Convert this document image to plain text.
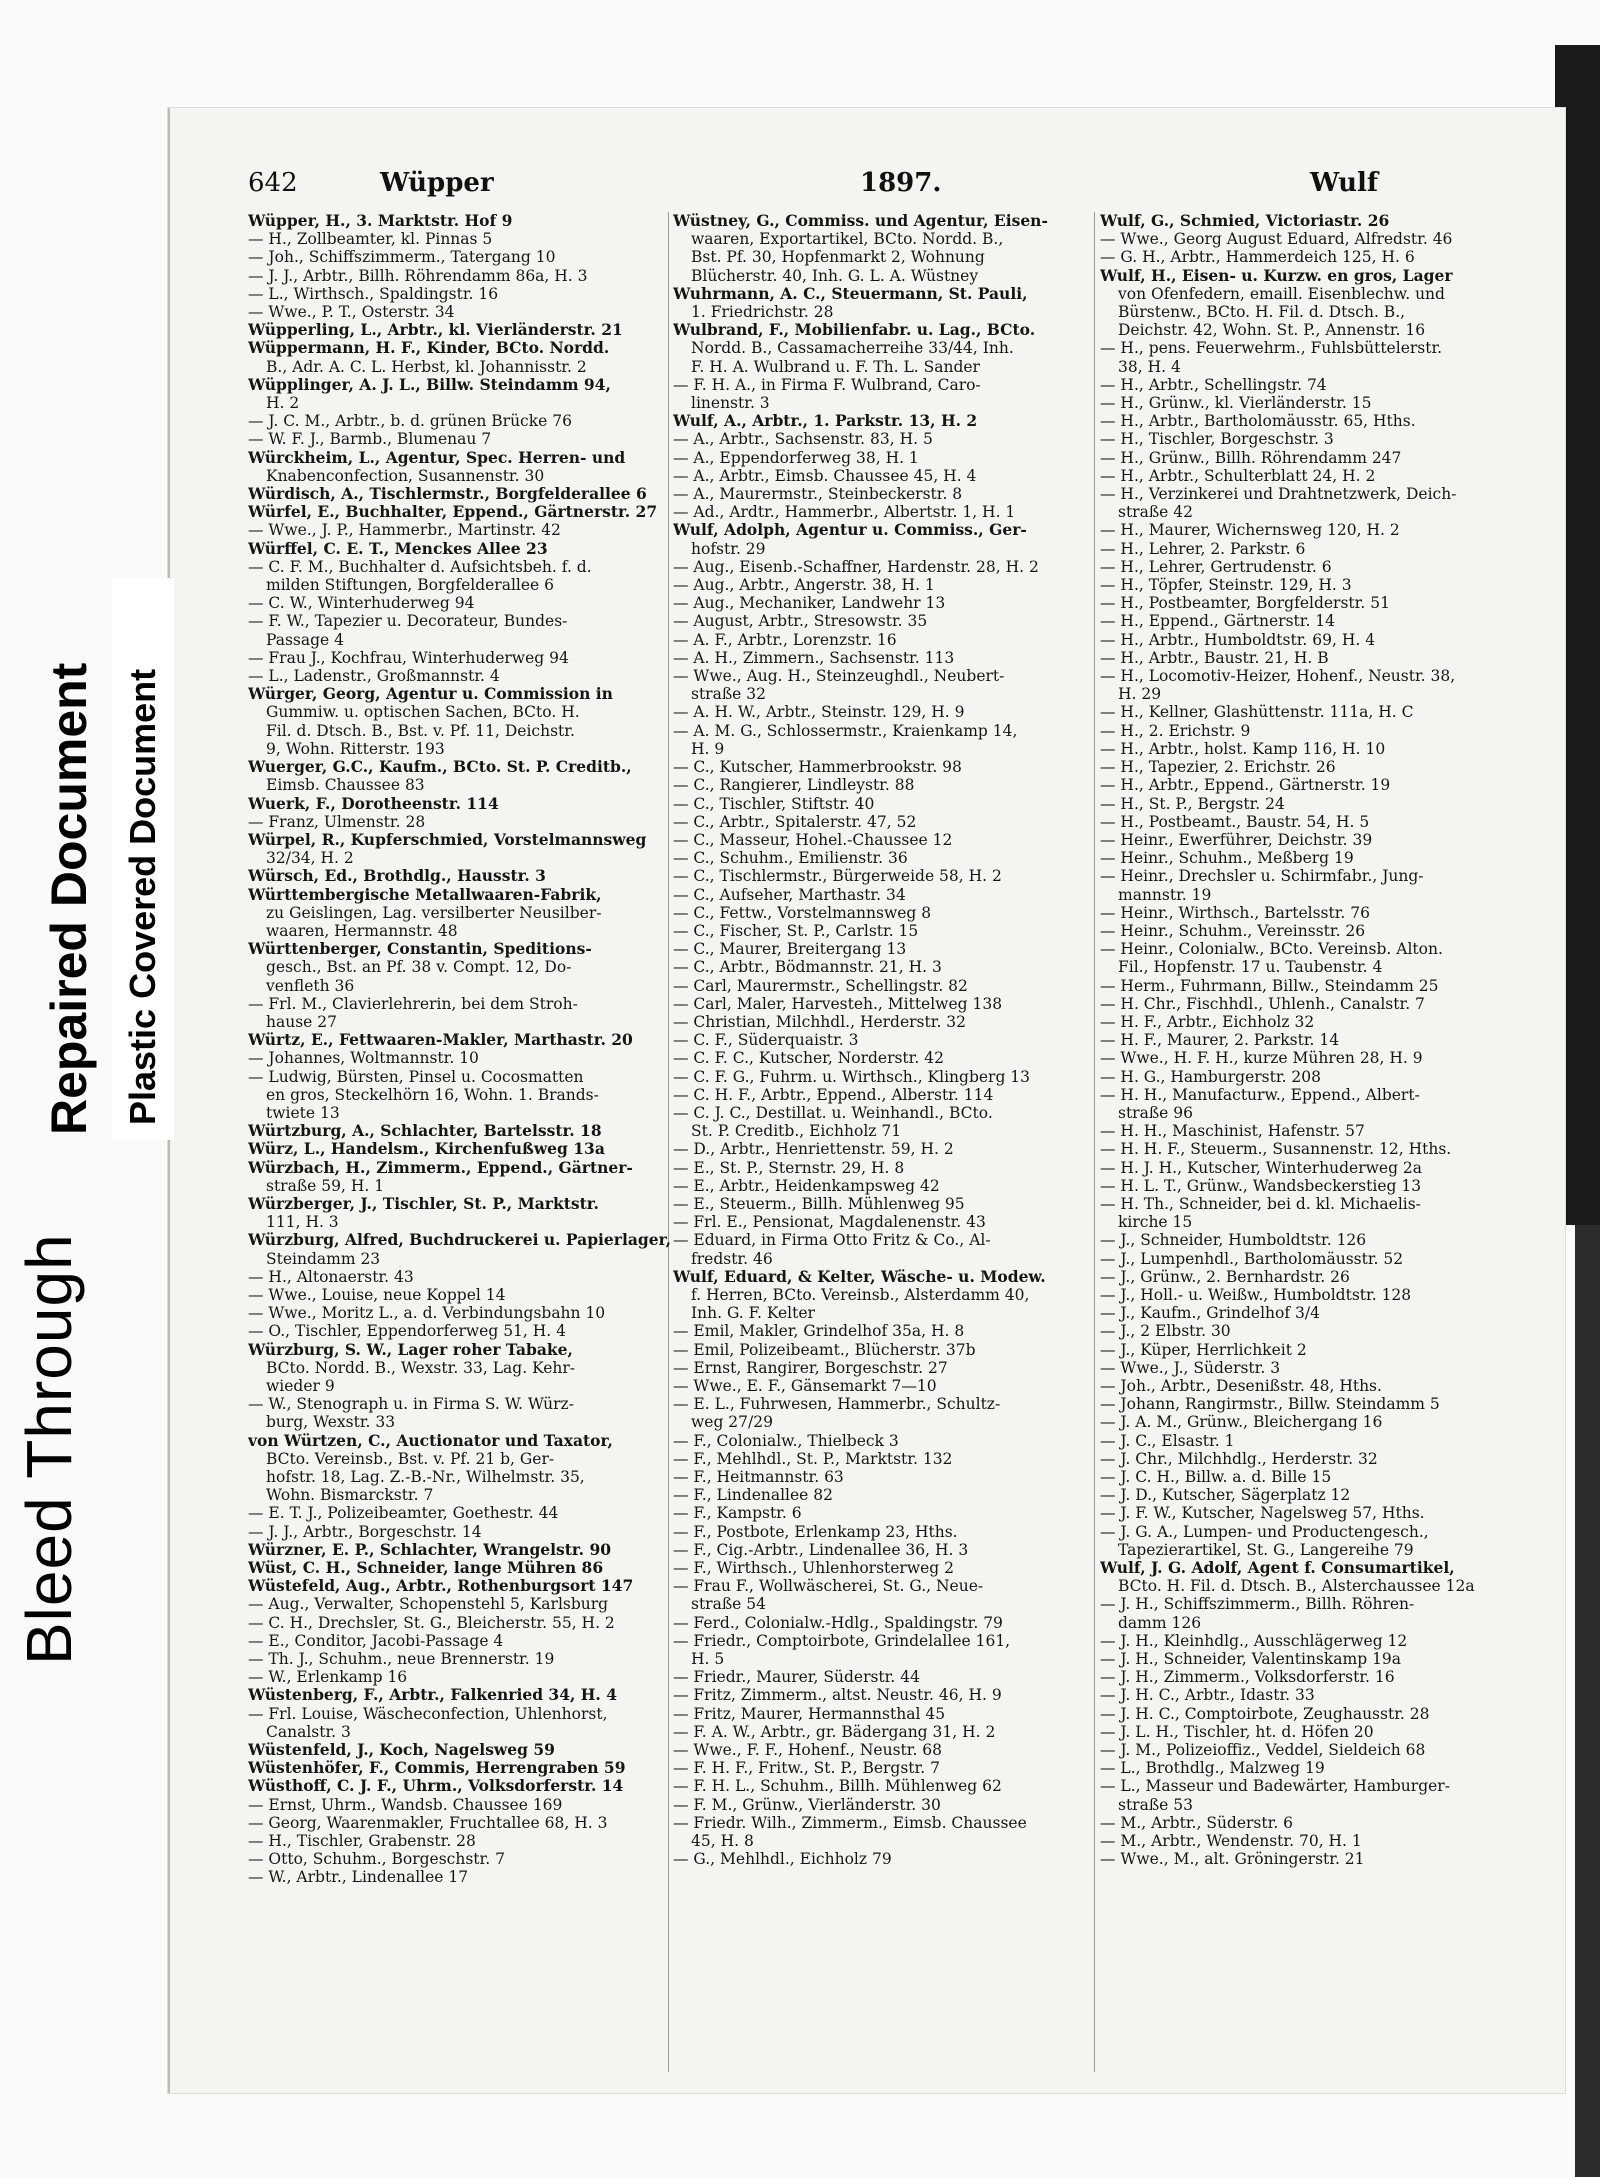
Bleed Through
Repaired Document Plastic Covered Document
642	Wüpper	1897.	Wulf
Wüpper, H., 3. Marktstr. Hof 9
— H., Zollbeamter, kl. Pinnas 5
— Joh., Schiffszimmerm., Tatergang 10
— J. J., Arbtr., Billh. Röhrendamm 86a, H. 3
— L., Wirthsch., Spaldingstr. 16
— Wwe., P. T., Osterstr. 34
Wüpperling, L., Arbtr., kl. Vierländerstr. 21
Wüppermann, H. F., Kinder, BCto. Nordd.
B., Adr. A. C. L. Herbst, kl. Johannisstr. 2
Wüpplinger, A. J. L., Billw. Steindamm 94,
H. 2
— J. C. M., Arbtr., b. d. grünen Brücke 76
— W. F. J., Barmb., Blumenau 7
Würckheim, L., Agentur, Spec. Herren- und
Knabenconfection, Susannenstr. 30
Würdisch, A., Tischlermstr., Borgfelderallee 6
Würfel, E., Buchhalter, Eppend., Gärtnerstr. 27
— Wwe., J. P., Hammerbr., Martinstr. 42
Würffel, C. E. T., Menckes Allee 23
— C. F. M., Buchhalter d. Aufsichtsbeh. f. d.
milden Stiftungen, Borgfelderallee 6
— C. W., Winterhuderweg 94
— F. W., Tapezier u. Decorateur, Bundes-
Passage 4
— Frau J., Kochfrau, Winterhuderweg 94
— L., Ladenstr., Großmannstr. 4
Würger, Georg, Agentur u. Commission in
Gummiw. u. optischen Sachen, BCto. H.
Fil. d. Dtsch. B., Bst. v. Pf. 11, Deichstr.
9, Wohn. Ritterstr. 193
Wuerger, G.C., Kaufm., BCto. St. P. Creditb.,
Eimsb. Chaussee 83
Wuerk, F., Dorotheenstr. 114
— Franz, Ulmenstr. 28
Würpel, R., Kupferschmied, Vorstelmannsweg
32/34, H. 2
Würsch, Ed., Brothdlg., Hausstr. 3
Württembergische Metallwaaren-Fabrik,
zu Geislingen, Lag. versilberter Neusilber-
waaren, Hermannstr. 48
Württenberger, Constantin, Speditions-
gesch., Bst. an Pf. 38 v. Compt. 12, Do-
venfleth 36
— Frl. M., Clavierlehrerin, bei dem Stroh-
hause 27
Würtz, E., Fettwaaren-Makler, Marthastr. 20
— Johannes, Woltmannstr. 10
— Ludwig, Bürsten, Pinsel u. Cocosmatten
en gros, Steckelhörn 16, Wohn. 1. Brands-
twiete 13
Würtzburg, A., Schlachter, Bartelsstr. 18
Würz, L., Handelsm., Kirchenfußweg 13a
Würzbach, H., Zimmerm., Eppend., Gärtner-
straße 59, H. 1
Würzberger, J., Tischler, St. P., Marktstr.
111, H. 3
Würzburg, Alfred, Buchdruckerei u. Papierlager,
Steindamm 23
— H., Altonaerstr. 43
— Wwe., Louise, neue Koppel 14
— Wwe., Moritz L., a. d. Verbindungsbahn 10
— O., Tischler, Eppendorferweg 51, H. 4
Würzburg, S. W., Lager roher Tabake,
BCto. Nordd. B., Wexstr. 33, Lag. Kehr-
wieder 9
— W., Stenograph u. in Firma S. W. Würz-
burg, Wexstr. 33
von Würtzen, C., Auctionator und Taxator,
BCto. Vereinsb., Bst. v. Pf. 21 b, Ger-
hofstr. 18, Lag. Z.-B.-Nr., Wilhelmstr. 35,
Wohn. Bismarckstr. 7
— E. T. J., Polizeibeamter, Goethestr. 44
— J. J., Arbtr., Borgeschstr. 14
Würzner, E. P., Schlachter, Wrangelstr. 90
Wüst, C. H., Schneider, lange Mühren 86
Wüstefeld, Aug., Arbtr., Rothenburgsort 147
— Aug., Verwalter, Schopenstehl 5, Karlsburg
— C. H., Drechsler, St. G., Bleicherstr. 55, H. 2
— E., Conditor, Jacobi-Passage 4
— Th. J., Schuhm., neue Brennerstr. 19
— W., Erlenkamp 16
Wüstenberg, F., Arbtr., Falkenried 34, H. 4
— Frl. Louise, Wäscheconfection, Uhlenhorst,
Canalstr. 3
Wüstenfeld, J., Koch, Nagelsweg 59
Wüstenhöfer, F., Commis, Herrengraben 59
Wüsthoff, C. J. F., Uhrm., Volksdorferstr. 14
— Ernst, Uhrm., Wandsb. Chaussee 169
— Georg, Waarenmakler, Fruchtallee 68, H. 3
— H., Tischler, Grabenstr. 28
— Otto, Schuhm., Borgeschstr. 7
— W., Arbtr., Lindenallee 17
Wüstney, G., Commiss. und Agentur, Eisen-
waaren, Exportartikel, BCto. Nordd. B.,
Bst. Pf. 30, Hopfenmarkt 2, Wohnung
Blücherstr. 40, Inh. G. L. A. Wüstney
Wuhrmann, A. C., Steuermann, St. Pauli,
1. Friedrichstr. 28
Wulbrand, F., Mobilienfabr. u. Lag., BCto.
Nordd. B., Cassamacherreihe 33/44, Inh.
F. H. A. Wulbrand u. F. Th. L. Sander
— F. H. A., in Firma F. Wulbrand, Caro-
linenstr. 3
Wulf, A., Arbtr., 1. Parkstr. 13, H. 2
— A., Arbtr., Sachsenstr. 83, H. 5
— A., Eppendorferweg 38, H. 1
— A., Arbtr., Eimsb. Chaussee 45, H. 4
— A., Maurermstr., Steinbeckerstr. 8
— Ad., Ardtr., Hammerbr., Albertstr. 1, H. 1
Wulf, Adolph, Agentur u. Commiss., Ger-
hofstr. 29
— Aug., Eisenb.-Schaffner, Hardenstr. 28, H. 2
— Aug., Arbtr., Angerstr. 38, H. 1
— Aug., Mechaniker, Landwehr 13
— August, Arbtr., Stresowstr. 35
— A. F., Arbtr., Lorenzstr. 16
— A. H., Zimmern., Sachsenstr. 113
— Wwe., Aug. H., Steinzeughdl., Neubert-
straße 32
— A. H. W., Arbtr., Steinstr. 129, H. 9
— A. M. G., Schlossermstr., Kraienkamp 14,
H. 9
— C., Kutscher, Hammerbrookstr. 98
— C., Rangierer, Lindleystr. 88
— C., Tischler, Stiftstr. 40
— C., Arbtr., Spitalerstr. 47, 52
— C., Masseur, Hohel.-Chaussee 12
— C., Schuhm., Emilienstr. 36
— C., Tischlermstr., Bürgerweide 58, H. 2
— C., Aufseher, Marthastr. 34
— C., Fettw., Vorstelmannsweg 8
— C., Fischer, St. P., Carlstr. 15
— C., Maurer, Breitergang 13
— C., Arbtr., Bödmannstr. 21, H. 3
— Carl, Maurermstr., Schellingstr. 82
— Carl, Maler, Harvesteh., Mittelweg 138
— Christian, Milchhdl., Herderstr. 32
— C. F., Süderquaistr. 3
— C. F. C., Kutscher, Norderstr. 42
— C. F. G., Fuhrm. u. Wirthsch., Klingberg 13
— C. H. F., Arbtr., Eppend., Alberstr. 114
— C. J. C., Destillat. u. Weinhandl., BCto.
St. P. Creditb., Eichholz 71
— D., Arbtr., Henriettenstr. 59, H. 2
— E., St. P., Sternstr. 29, H. 8
— E., Arbtr., Heidenkampsweg 42
— E., Steuerm., Billh. Mühlenweg 95
— Frl. E., Pensionat, Magdalenenstr. 43
— Eduard, in Firma Otto Fritz & Co., Al-
fredstr. 46
Wulf, Eduard, & Kelter, Wäsche- u. Modew.
f. Herren, BCto. Vereinsb., Alsterdamm 40,
Inh. G. F. Kelter
— Emil, Makler, Grindelhof 35a, H. 8
— Emil, Polizeibeamt., Blücherstr. 37b
— Ernst, Rangirer, Borgeschstr. 27
— Wwe., E. F., Gänsemarkt 7—10
— E. L., Fuhrwesen, Hammerbr., Schultz-
weg 27/29
— F., Colonialw., Thielbeck 3
— F., Mehlhdl., St. P., Marktstr. 132
— F., Heitmannstr. 63
— F., Lindenallee 82
— F., Kampstr. 6
— F., Postbote, Erlenkamp 23, Hths.
— F., Cig.-Arbtr., Lindenallee 36, H. 3
— F., Wirthsch., Uhlenhorsterweg 2
— Frau F., Wollwäscherei, St. G., Neue-
straße 54
— Ferd., Colonialw.-Hdlg., Spaldingstr. 79
— Friedr., Comptoirbote, Grindelallee 161,
H. 5
— Friedr., Maurer, Süderstr. 44
— Fritz, Zimmerm., altst. Neustr. 46, H. 9
— Fritz, Maurer, Hermannsthal 45
— F. A. W., Arbtr., gr. Bädergang 31, H. 2
— Wwe., F. F., Hohenf., Neustr. 68
— F. H. F., Fritw., St. P., Bergstr. 7
— F. H. L., Schuhm., Billh. Mühlenweg 62
— F. M., Grünw., Vierländerstr. 30
— Friedr. Wilh., Zimmerm., Eimsb. Chaussee
45, H. 8
— G., Mehlhdl., Eichholz 79
Wulf, G., Schmied, Victoriastr. 26
— Wwe., Georg August Eduard, Alfredstr. 46
— G. H., Arbtr., Hammerdeich 125, H. 6
Wulf, H., Eisen- u. Kurzw. en gros, Lager
von Ofenfedern, emaill. Eisenblechw. und
Bürstenw., BCto. H. Fil. d. Dtsch. B.,
Deichstr. 42, Wohn. St. P., Annenstr. 16
— H., pens. Feuerwehrm., Fuhlsbüttelerstr.
38, H. 4
— H., Arbtr., Schellingstr. 74
— H., Grünw., kl. Vierländerstr. 15
— H., Arbtr., Bartholomäusstr. 65, Hths.
— H., Tischler, Borgeschstr. 3
— H., Grünw., Billh. Röhrendamm 247
— H., Arbtr., Schulterblatt 24, H. 2
— H., Verzinkerei und Drahtnetzwerk, Deich-
straße 42
— H., Maurer, Wichernsweg 120, H. 2
— H., Lehrer, 2. Parkstr. 6
— H., Lehrer, Gertrudenstr. 6
— H., Töpfer, Steinstr. 129, H. 3
— H., Postbeamter, Borgfelderstr. 51
— H., Eppend., Gärtnerstr. 14
— H., Arbtr., Humboldtstr. 69, H. 4
— H., Arbtr., Baustr. 21, H. B
— H., Locomotiv-Heizer, Hohenf., Neustr. 38,
H. 29
— H., Kellner, Glashüttenstr. 111a, H. C
— H., 2. Erichstr. 9
— H., Arbtr., holst. Kamp 116, H. 10
— H., Tapezier, 2. Erichstr. 26
— H., Arbtr., Eppend., Gärtnerstr. 19
— H., St. P., Bergstr. 24
— H., Postbeamt., Baustr. 54, H. 5
— Heinr., Ewerführer, Deichstr. 39
— Heinr., Schuhm., Meßberg 19
— Heinr., Drechsler u. Schirmfabr., Jung-
mannstr. 19
— Heinr., Wirthsch., Bartelsstr. 76
— Heinr., Schuhm., Vereinsstr. 26
— Heinr., Colonialw., BCto. Vereinsb. Alton.
Fil., Hopfenstr. 17 u. Taubenstr. 4
— Herm., Fuhrmann, Billw., Steindamm 25
— H. Chr., Fischhdl., Uhlenh., Canalstr. 7
— H. F., Arbtr., Eichholz 32
— H. F., Maurer, 2. Parkstr. 14
— Wwe., H. F. H., kurze Mühren 28, H. 9
— H. G., Hamburgerstr. 208
— H. H., Manufacturw., Eppend., Albert-
straße 96
— H. H., Maschinist, Hafenstr. 57
— H. H. F., Steuerm., Susannenstr. 12, Hths.
— H. J. H., Kutscher, Winterhuderweg 2a
— H. L. T., Grünw., Wandsbeckerstieg 13
— H. Th., Schneider, bei d. kl. Michaelis-
kirche 15
— J., Schneider, Humboldtstr. 126
— J., Lumpenhdl., Bartholomäusstr. 52
— J., Grünw., 2. Bernhardstr. 26
— J., Holl.- u. Weißw., Humboldtstr. 128
— J., Kaufm., Grindelhof 3/4
— J., 2 Elbstr. 30
— J., Küper, Herrlichkeit 2
— Wwe., J., Süderstr. 3
— Joh., Arbtr., Desenißstr. 48, Hths.
— Johann, Rangirmstr., Billw. Steindamm 5
— J. A. M., Grünw., Bleichergang 16
— J. C., Elsastr. 1
— J. Chr., Milchhdlg., Herderstr. 32
— J. C. H., Billw. a. d. Bille 15
— J. D., Kutscher, Sägerplatz 12
— J. F. W., Kutscher, Nagelsweg 57, Hths.
— J. G. A., Lumpen- und Productengesch.,
Tapezierartikel, St. G., Langereihe 79
Wulf, J. G. Adolf, Agent f. Consumartikel,
BCto. H. Fil. d. Dtsch. B., Alsterchaussee 12a
— J. H., Schiffszimmerm., Billh. Röhren-
damm 126
— J. H., Kleinhdlg., Ausschlägerweg 12
— J. H., Schneider, Valentinskamp 19a
— J. H., Zimmerm., Volksdorferstr. 16
— J. H. C., Arbtr., Idastr. 33
— J. H. C., Comptoirbote, Zeughausstr. 28
— J. L. H., Tischler, ht. d. Höfen 20
— J. M., Polizeioffiz., Veddel, Sieldeich 68
— L., Brothdlg., Malzweg 19
— L., Masseur und Badewärter, Hamburger-
straße 53
— M., Arbtr., Süderstr. 6
— M., Arbtr., Wendenstr. 70, H. 1
— Wwe., M., alt. Gröningerstr. 21
